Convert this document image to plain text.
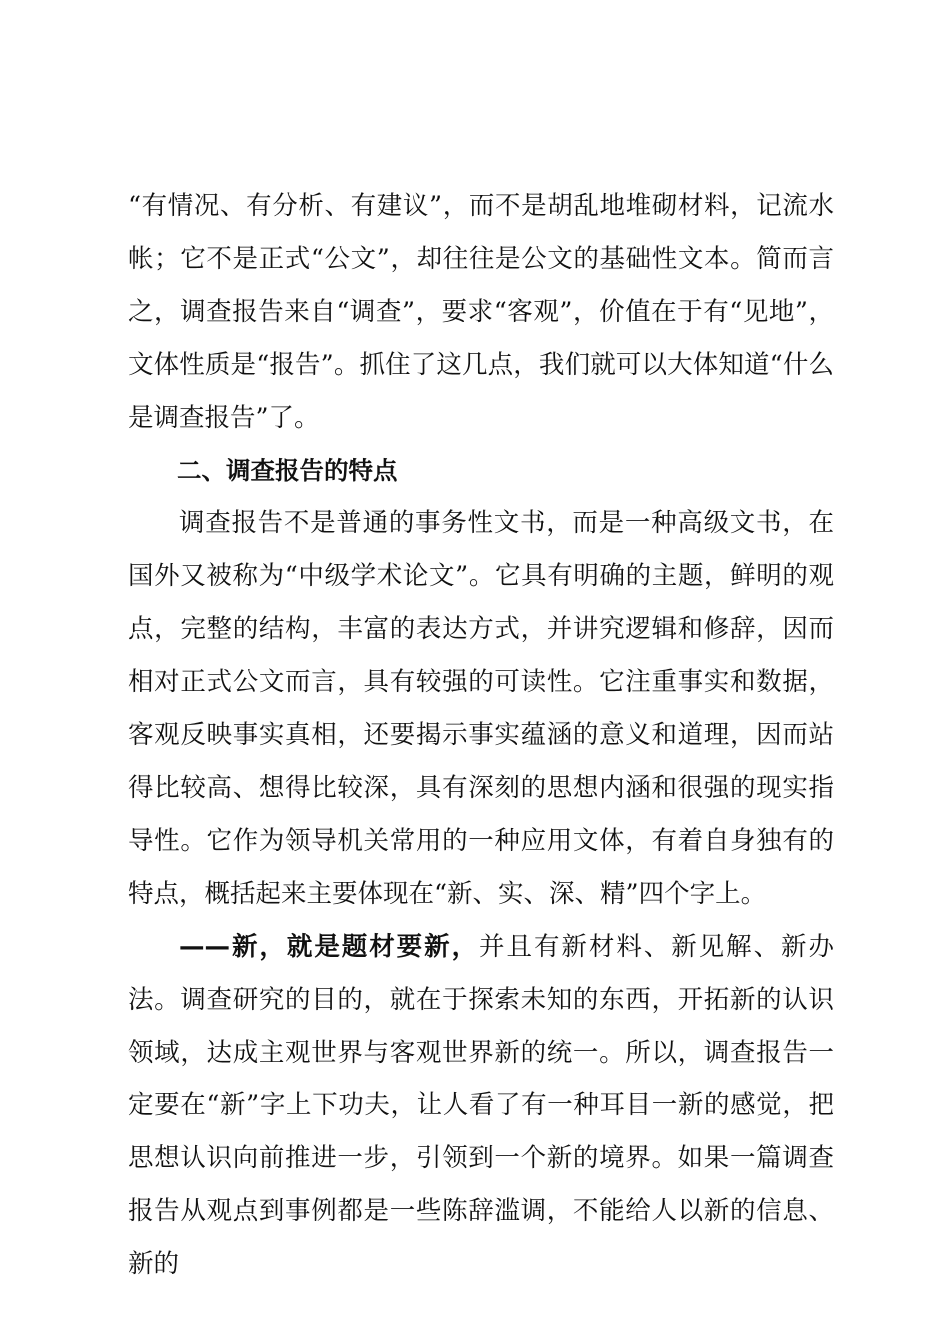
“有情况、有分析、有建议”，而不是胡乱地堆砌材料，记流水帐；它不是正式“公文”，却往往是公文的基础性文本。简而言之，调查报告来自“调查”，要求“客观”，价值在于有“见地”，文体性质是“报告”。抓住了这几点，我们就可以大体知道“什么是调查报告”了。

二、调查报告的特点

调查报告不是普通的事务性文书，而是一种高级文书，在国外又被称为“中级学术论文”。它具有明确的主题，鲜明的观点，完整的结构，丰富的表达方式，并讲究逻辑和修辞，因而相对正式公文而言，具有较强的可读性。它注重事实和数据，客观反映事实真相，还要揭示事实蕴涵的意义和道理，因而站得比较高、想得比较深，具有深刻的思想内涵和很强的现实指导性。它作为领导机关常用的一种应用文体，有着自身独有的特点，概括起来主要体现在“新、实、深、精”四个字上。

——新，就是题材要新，并且有新材料、新见解、新办法。调查研究的目的，就在于探索未知的东西，开拓新的认识领域，达成主观世界与客观世界新的统一。所以，调查报告一定要在“新”字上下功夫，让人看了有一种耳目一新的感觉，把思想认识向前推进一步，引领到一个新的境界。如果一篇调查报告从观点到事例都是一些陈辞滥调，不能给人以新的信息、新的
